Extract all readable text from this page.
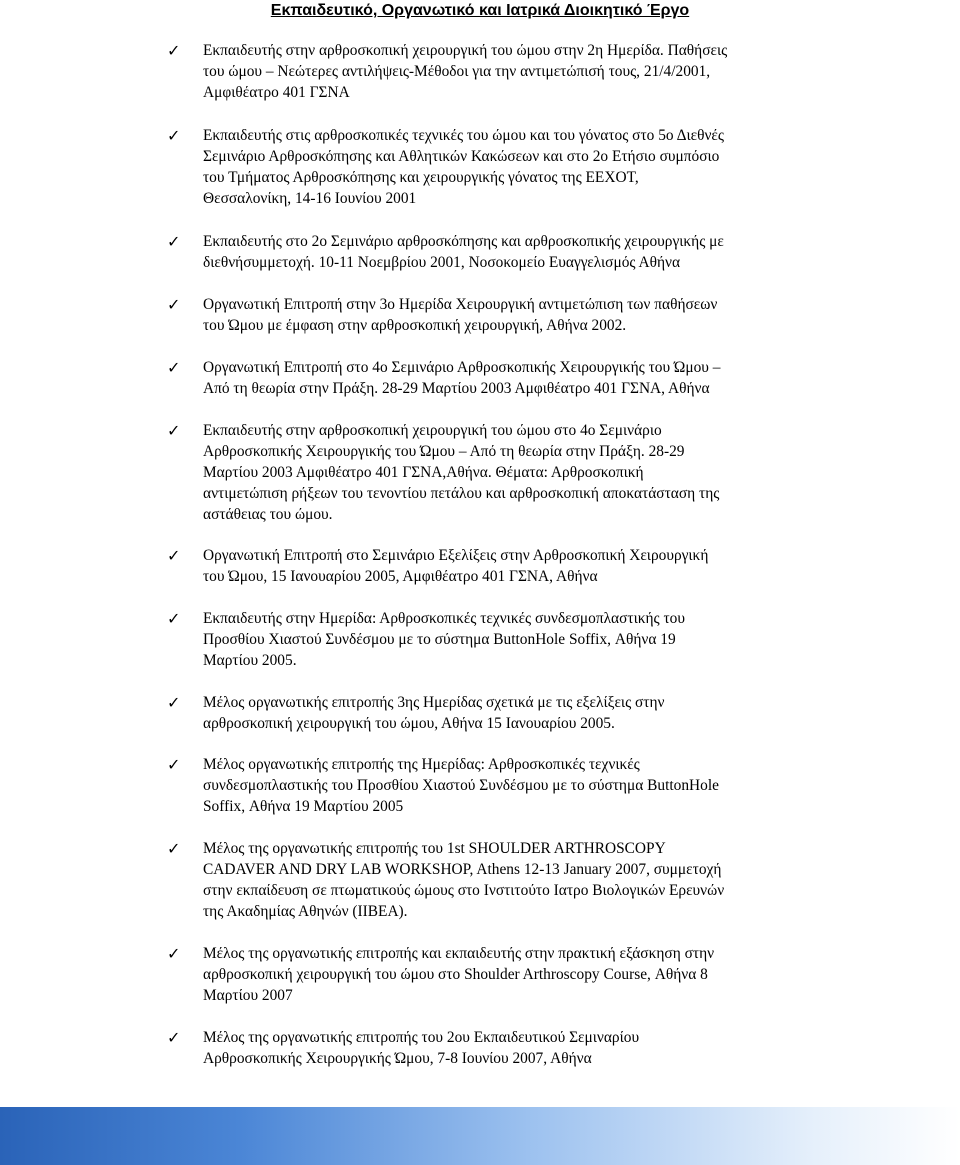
Εκπαιδευτικό, Οργανωτικό και Ιατρικά Διοικητικό Έργο
✓	Εκπαιδευτής στην αρθροσκοπική χειρουργική του ώμου στην 2η Ημερίδα. Παθήσεις
του ώμου – Νεώτερες αντιλήψεις-Μέθοδοι για την αντιμετώπισή τους, 21/4/2001,
Αμφιθέατρο 401 ΓΣΝΑ
✓	Εκπαιδευτής στις αρθροσκοπικές τεχνικές του ώμου και του γόνατος στο 5ο Διεθνές
Σεμινάριο Αρθροσκόπησης και Αθλητικών Κακώσεων και στο 2ο Ετήσιο συμπόσιο
του Τμήματος Αρθροσκόπησης και χειρουργικής γόνατος της ΕΕΧΟΤ,
Θεσσαλονίκη, 14-16 Ιουνίου 2001
✓	Εκπαιδευτής στο 2ο Σεμινάριο αρθροσκόπησης και αρθροσκοπικής χειρουργικής με
διεθνήσυμμετοχή. 10-11 Νοεμβρίου 2001, Νοσοκομείο Ευαγγελισμός Αθήνα
✓	Οργανωτική Επιτροπή στην 3ο Ημερίδα Χειρουργική αντιμετώπιση των παθήσεων
του Ώμου με έμφαση στην αρθροσκοπική χειρουργική, Αθήνα 2002.
✓	Οργανωτική Επιτροπή στο 4ο Σεμινάριο Αρθροσκοπικής Χειρουργικής του Ώμου –
Από τη θεωρία στην Πράξη. 28-29 Μαρτίου 2003 Αμφιθέατρο 401 ΓΣΝΑ, Αθήνα
✓	Εκπαιδευτής στην αρθροσκοπική χειρουργική του ώμου στο 4ο Σεμινάριο
Αρθροσκοπικής Χειρουργικής του Ώμου – Από τη θεωρία στην Πράξη. 28-29
Μαρτίου 2003 Αμφιθέατρο 401 ΓΣΝΑ,Αθήνα. Θέματα: Αρθροσκοπική
αντιμετώπιση ρήξεων του τενοντίου πετάλου και αρθροσκοπική αποκατάσταση της
αστάθειας του ώμου.
✓	Οργανωτική Επιτροπή στο Σεμινάριο Εξελίξεις στην Αρθροσκοπική Χειρουργική
του Ώμου, 15 Ιανουαρίου 2005, Αμφιθέατρο 401 ΓΣΝΑ, Αθήνα
✓	Εκπαιδευτής στην Ημερίδα: Αρθροσκοπικές τεχνικές συνδεσμοπλαστικής του
Προσθίου Χιαστού Συνδέσμου με το σύστημα ButtonHole Soffix, Αθήνα 19
Μαρτίου 2005.
✓	Μέλος οργανωτικής επιτροπής 3ης Ημερίδας σχετικά με τις εξελίξεις στην
αρθροσκοπική χειρουργική του ώμου, Αθήνα 15 Ιανουαρίου 2005.
✓	Μέλος οργανωτικής επιτροπής της Ημερίδας: Αρθροσκοπικές τεχνικές
συνδεσμοπλαστικής του Προσθίου Χιαστού Συνδέσμου με το σύστημα ButtonHole
Soffix, Αθήνα 19 Μαρτίου 2005
✓	Μέλος της οργανωτικής επιτροπής του 1st SHOULDER ARTHROSCOPY
CADAVER AND DRY LAB WORKSHOP, Athens 12-13 January 2007, συμμετοχή
στην εκπαίδευση σε πτωματικούς ώμους στο Ινστιτούτο Ιατρο Βιολογικών Ερευνών
της Ακαδημίας Αθηνών (ΙΙΒΕΑ).
✓	Μέλος της οργανωτικής επιτροπής και εκπαιδευτής στην πρακτική εξάσκηση στην
αρθροσκοπική χειρουργική του ώμου στο Shoulder Arthroscopy Course, Αθήνα 8
Μαρτίου 2007
✓	Μέλος της οργανωτικής επιτροπής του 2ου Εκπαιδευτικού Σεμιναρίου
Αρθροσκοπικής Χειρουργικής Ώμου, 7-8 Ιουνίου 2007, Αθήνα
